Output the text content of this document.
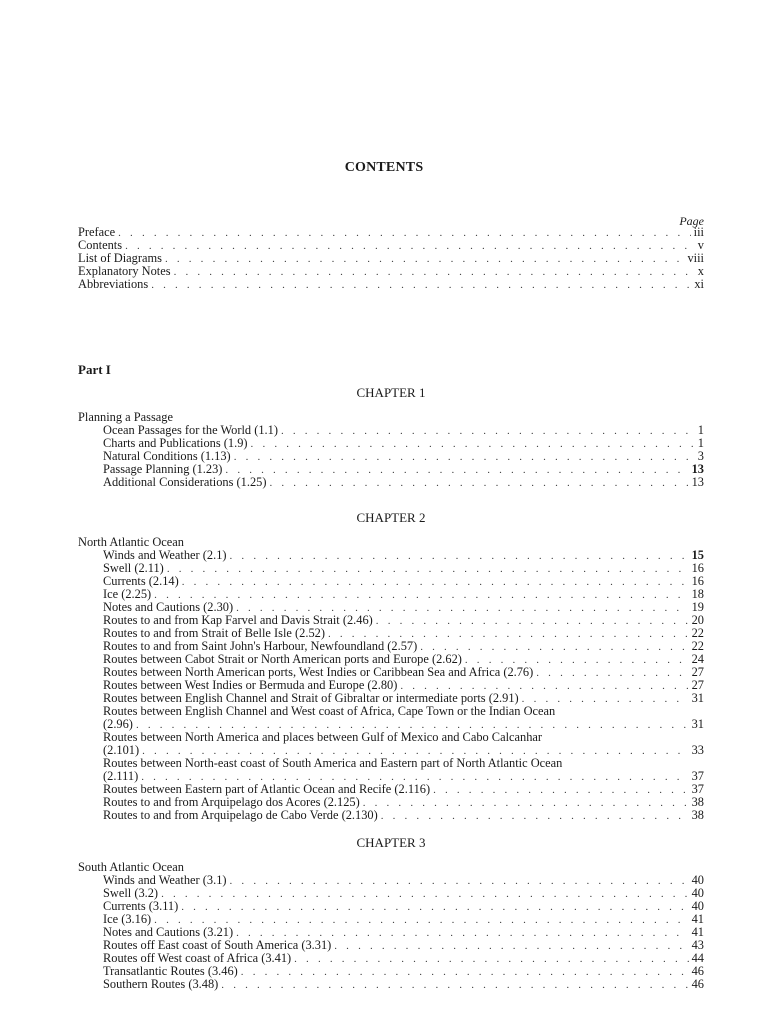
CONTENTS
Page
Preface . . .	iii
Contents . . .	v
List of Diagrams . . .	viii
Explanatory Notes . . .	x
Abbreviations . . .	xi
Part I
CHAPTER 1
Planning a Passage
Ocean Passages for the World (1.1) . . .	1
Charts and Publications (1.9) . . .	1
Natural Conditions (1.13) . . .	3
Passage Planning (1.23) . . .	13
Additional Considerations (1.25) . . .	13
CHAPTER 2
North Atlantic Ocean
Winds and Weather (2.1) . . .	15
Swell (2.11) . . .	16
Currents (2.14) . . .	16
Ice (2.25) . . .	18
Notes and Cautions (2.30) . . .	19
Routes to and from Kap Farvel and Davis Strait (2.46) . . .	20
Routes to and from Strait of Belle Isle (2.52) . . .	22
Routes to and from Saint John's Harbour, Newfoundland (2.57) . . .	22
Routes between Cabot Strait or North American ports and Europe (2.62) . . .	24
Routes between North American ports, West Indies or Caribbean Sea and Africa (2.76) . . .	27
Routes between West Indies or Bermuda and Europe (2.80) . . .	27
Routes between English Channel and Strait of Gibraltar or intermediate ports (2.91) . . .	31
Routes between English Channel and West coast of Africa, Cape Town or the Indian Ocean
(2.96) . . .	31
Routes between North America and places between Gulf of Mexico and Cabo Calcanhar
(2.101) . . .	33
Routes between North-east coast of South America and Eastern part of North Atlantic Ocean
(2.111) . . .	37
Routes between Eastern part of Atlantic Ocean and Recife (2.116) . . .	37
Routes to and from Arquipelago dos Acores (2.125) . . .	38
Routes to and from Arquipelago de Cabo Verde (2.130) . . .	38
CHAPTER 3
South Atlantic Ocean
Winds and Weather (3.1) . . .	40
Swell (3.2) . . .	40
Currents (3.11) . . .	40
Ice (3.16) . . .	41
Notes and Cautions (3.21) . . .	41
Routes off East coast of South America (3.31) . . .	43
Routes off West coast of Africa (3.41) . . .	44
Transatlantic Routes (3.46) . . .	46
Southern Routes (3.48) . . .	46
